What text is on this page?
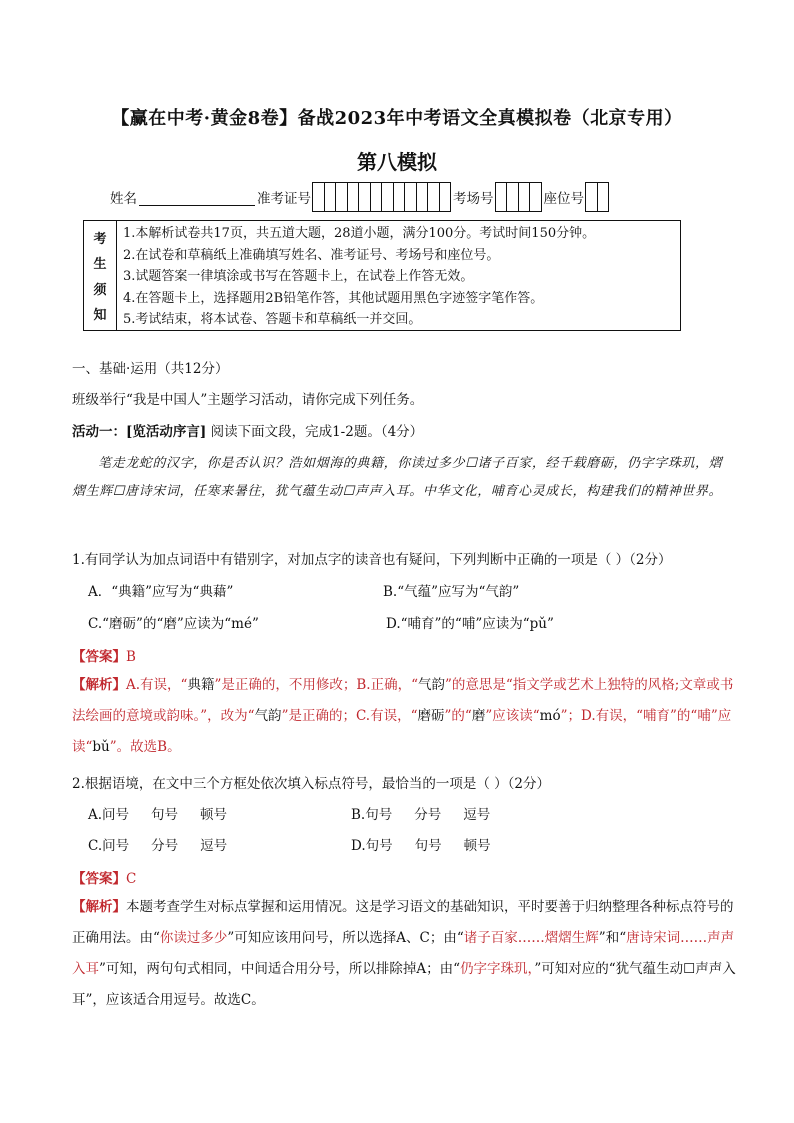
【赢在中考·黄金8卷】备战2023年中考语文全真模拟卷（北京专用）
第八模拟
姓名	准考证号	考场号	座位号
考
生
须
知
1.本解析试卷共17页，共五道大题，28道小题，满分100分。考试时间150分钟。
2.在试卷和草稿纸上准确填写姓名、准考证号、考场号和座位号。
3.试题答案一律填涂或书写在答题卡上，在试卷上作答无效。
4.在答题卡上，选择题用2B铅笔作答，其他试题用黑色字迹签字笔作答。
5.考试结束，将本试卷、答题卡和草稿纸一并交回。
一、基础·运用（共12分）
班级举行“我是中国人”主题学习活动，请你完成下列任务。
活动一：[览活动序言] 阅读下面文段，完成1-2题。（4分）
笔走龙蛇的汉字，你是否认识？浩如烟海的典籍，你读过多少☐诸子百家，经千载磨砺，仍字字珠玑，熠熠生辉☐唐诗宋词，任寒来暑往，犹气蕴生动☐声声入耳。中华文化，哺育心灵成长，构建我们的精神世界。
1.有同学认为加点词语中有错别字，对加点字的读音也有疑问，下列判断中正确的一项是（ ）（2分）
A．“典籍”应写为“典藉”	B.“气蕴”应写为“气韵”
C.“磨砺”的“磨”应读为“mé”	D.“哺育”的“哺”应读为“pǔ”
【答案】B
【解析】A.有误，“典籍”是正确的，不用修改；B.正确，“气韵”的意思是“指文学或艺术上独特的风格;文章或书法绘画的意境或韵味。”，改为“气韵”是正确的；C.有误，“磨砺”的“磨”应该读“mó”；D.有误，“哺育”的“哺”应读“bǔ”。故选B。
2.根据语境，在文中三个方框处依次填入标点符号，最恰当的一项是（ ）（2分）
A.问号 句号 顿号	B.句号 分号 逗号
C.问号 分号 逗号	D.句号 句号 顿号
【答案】C
【解析】本题考查学生对标点掌握和运用情况。这是学习语文的基础知识，平时要善于归纳整理各种标点符号的正确用法。由“你读过多少”可知应该用问号，所以选择A、C；由“诸子百家……熠熠生辉”和“唐诗宋词……声声入耳”可知，两句句式相同，中间适合用分号，所以排除掉A；由“仍字字珠玑，”可知对应的“犹气蕴生动☐声声入耳”，应该适合用逗号。故选C。
